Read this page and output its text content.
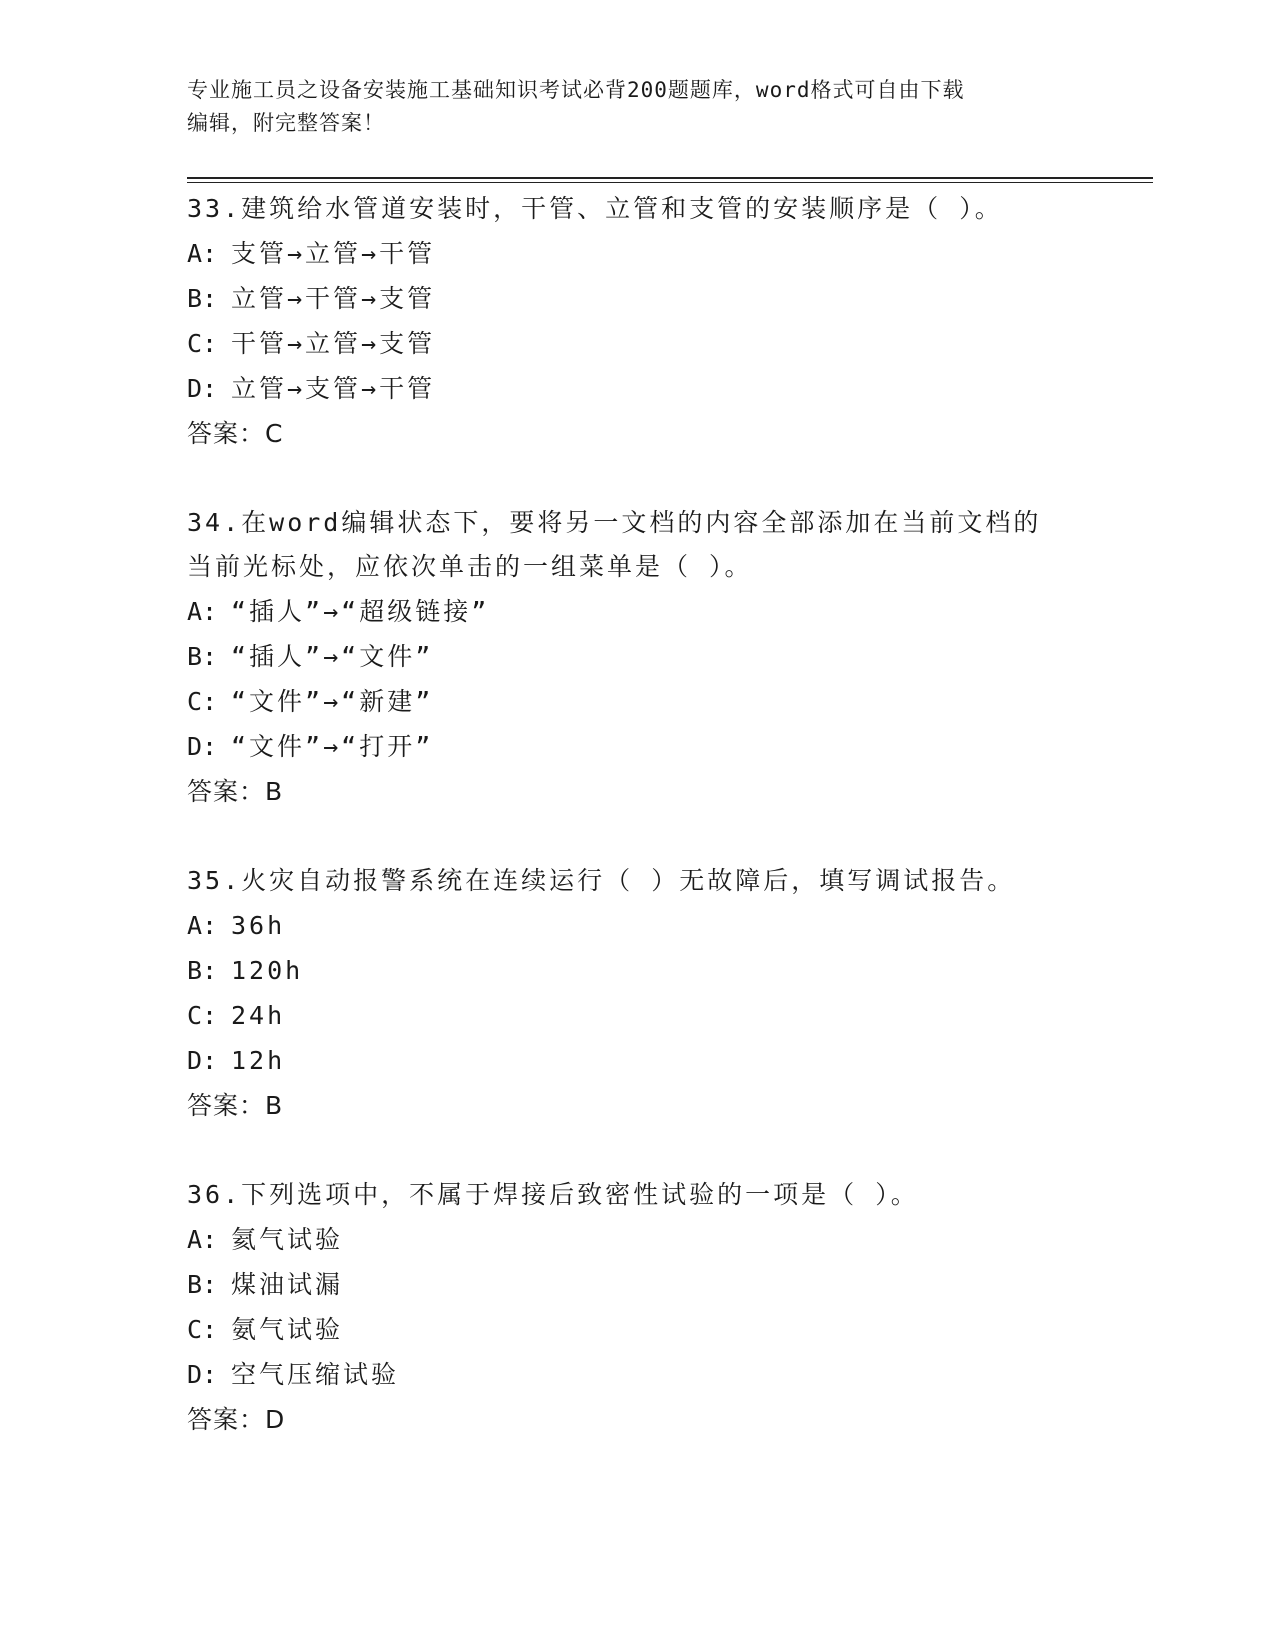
专业施工员之设备安装施工基础知识考试必背200题题库，word格式可自由下载
编辑，附完整答案！
33.建筑给水管道安装时，干管、立管和支管的安装顺序是（ ）。
A: 支管→立管→干管
B: 立管→干管→支管
C: 干管→立管→支管
D: 立管→支管→干管
答案：C
34.在word编辑状态下，要将另一文档的内容全部添加在当前文档的
当前光标处，应依次单击的一组菜单是（ ）。
A: “插人”→“超级链接”
B: “插人”→“文件”
C: “文件”→“新建”
D: “文件”→“打开”
答案：B
35.火灾自动报警系统在连续运行（ ）无故障后，填写调试报告。
A: 36h
B: 120h
C: 24h
D: 12h
答案：B
36.下列选项中，不属于焊接后致密性试验的一项是（ ）。
A: 氦气试验
B: 煤油试漏
C: 氨气试验
D: 空气压缩试验
答案：D
